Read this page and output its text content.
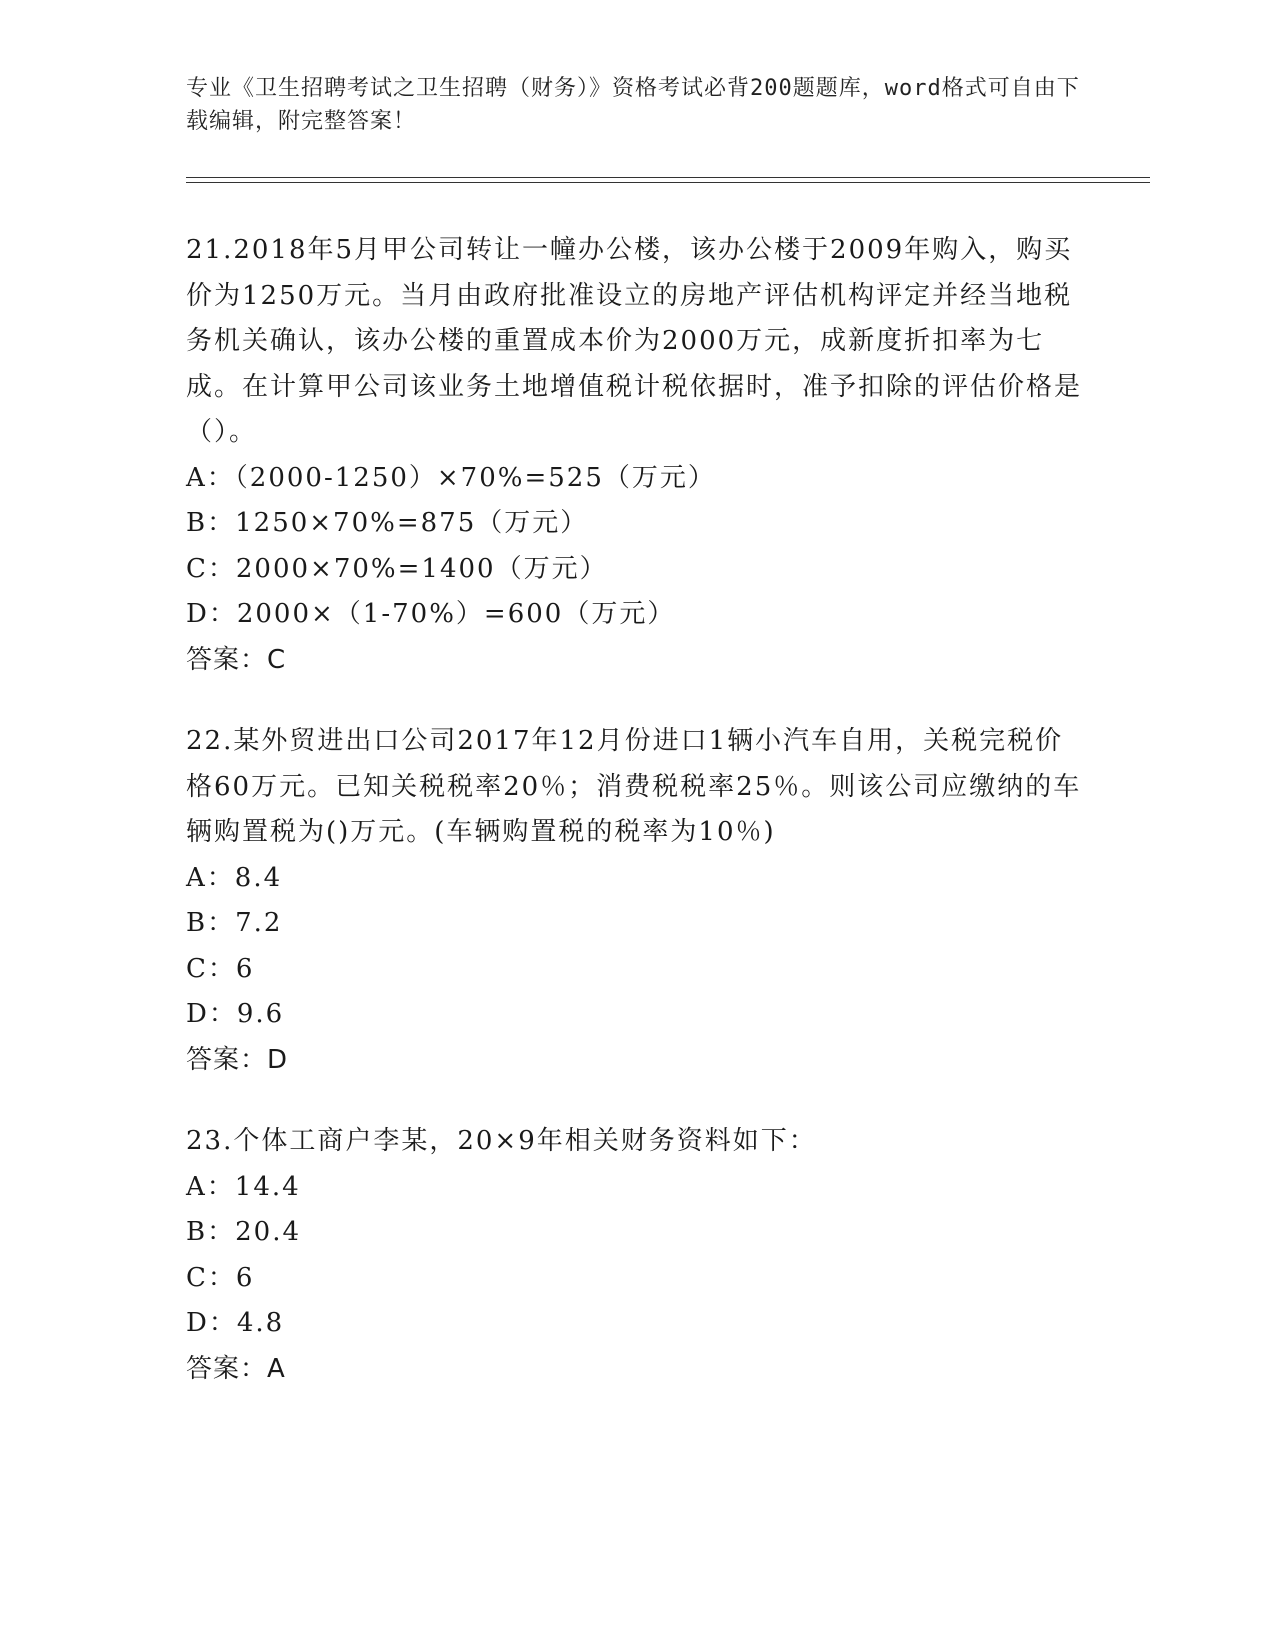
专业《卫生招聘考试之卫生招聘（财务）》资格考试必背200题题库，word格式可自由下载编辑，附完整答案！

21.2018年5月甲公司转让一幢办公楼，该办公楼于2009年购入，购买价为1250万元。当月由政府批准设立的房地产评估机构评定并经当地税务机关确认，该办公楼的重置成本价为2000万元，成新度折扣率为七成。在计算甲公司该业务土地增值税计税依据时，准予扣除的评估价格是（）。

A：（2000-1250）×70%=525（万元）

B：1250×70%=875（万元）

C：2000×70%=1400（万元）

D：2000×（1-70%）=600（万元）

答案：C

22.某外贸进出口公司2017年12月份进口1辆小汽车自用，关税完税价格60万元。已知关税税率20％；消费税税率25％。则该公司应缴纳的车辆购置税为()万元。(车辆购置税的税率为10％)

A：8.4

B：7.2

C：6

D：9.6

答案：D

23.个体工商户李某，20×9年相关财务资料如下：

A：14.4

B：20.4

C：6

D：4.8

答案：A
